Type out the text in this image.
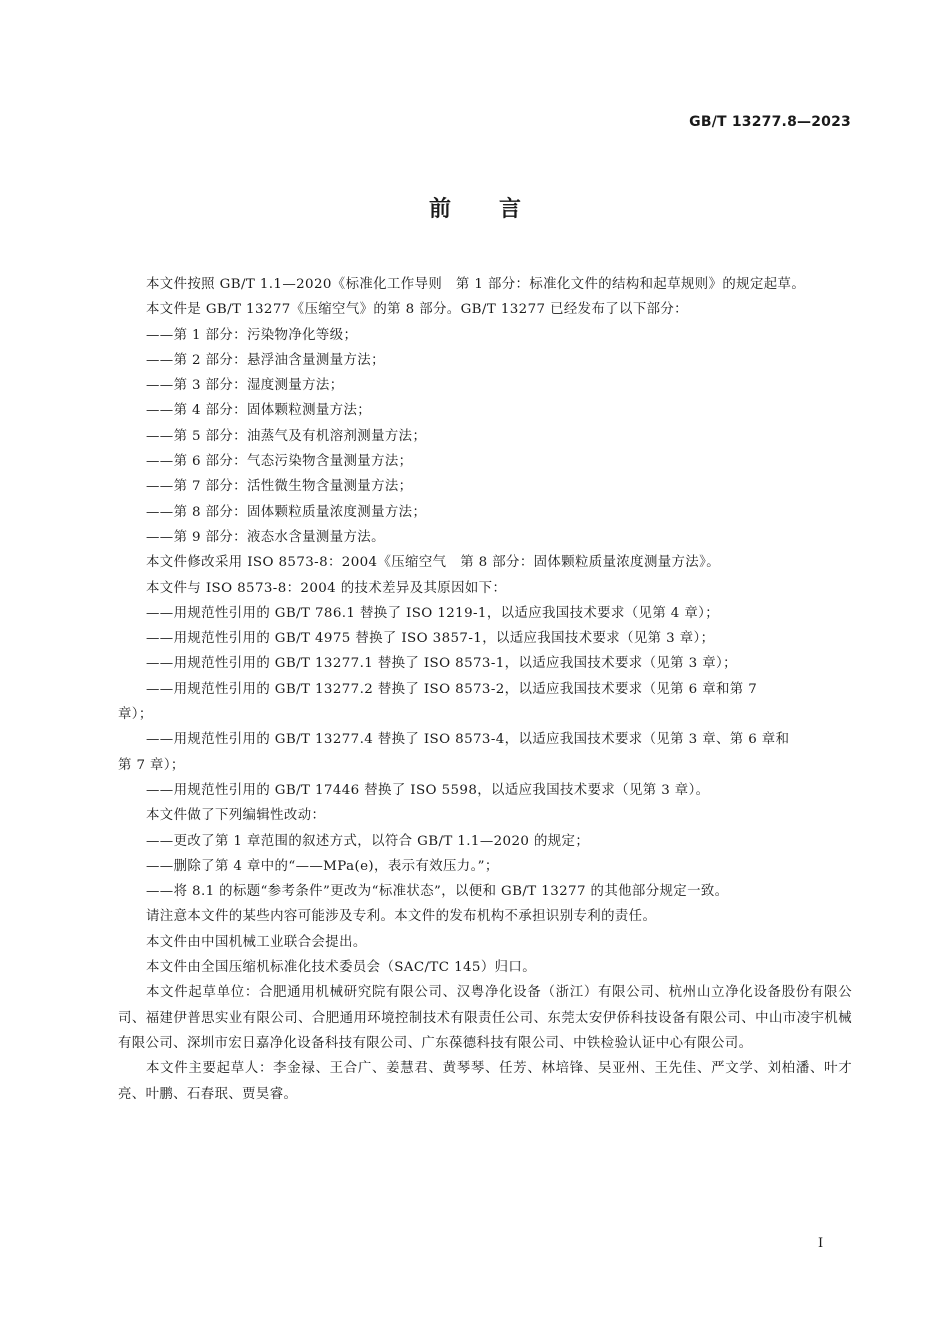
GB/T 13277.8—2023
前言

本文件按照 GB/T 1.1—2020《标准化工作导则　第 1 部分：标准化文件的结构和起草规则》的规定起草。

本文件是 GB/T 13277《压缩空气》的第 8 部分。GB/T 13277 已经发布了以下部分：

——第 1 部分：污染物净化等级；

——第 2 部分：悬浮油含量测量方法；

——第 3 部分：湿度测量方法；

——第 4 部分：固体颗粒测量方法；

——第 5 部分：油蒸气及有机溶剂测量方法；

——第 6 部分：气态污染物含量测量方法；

——第 7 部分：活性微生物含量测量方法；

——第 8 部分：固体颗粒质量浓度测量方法；

——第 9 部分：液态水含量测量方法。

本文件修改采用 ISO 8573-8：2004《压缩空气　第 8 部分：固体颗粒质量浓度测量方法》。

本文件与 ISO 8573-8：2004 的技术差异及其原因如下：

——用规范性引用的 GB/T 786.1 替换了 ISO 1219-1，以适应我国技术要求（见第 4 章）；

——用规范性引用的 GB/T 4975 替换了 ISO 3857-1，以适应我国技术要求（见第 3 章）；

——用规范性引用的 GB/T 13277.1 替换了 ISO 8573-1，以适应我国技术要求（见第 3 章）；

——用规范性引用的 GB/T 13277.2 替换了 ISO 8573-2，以适应我国技术要求（见第 6 章和第 7

章）；

——用规范性引用的 GB/T 13277.4 替换了 ISO 8573-4，以适应我国技术要求（见第 3 章、第 6 章和

第 7 章）；

——用规范性引用的 GB/T 17446 替换了 ISO 5598，以适应我国技术要求（见第 3 章）。

本文件做了下列编辑性改动：

——更改了第 1 章范围的叙述方式，以符合 GB/T 1.1—2020 的规定；

——删除了第 4 章中的“——MPa(e)，表示有效压力。”；

——将 8.1 的标题“参考条件”更改为“标准状态”，以便和 GB/T 13277 的其他部分规定一致。

请注意本文件的某些内容可能涉及专利。本文件的发布机构不承担识别专利的责任。

本文件由中国机械工业联合会提出。

本文件由全国压缩机标准化技术委员会（SAC/TC 145）归口。

本文件起草单位：合肥通用机械研究院有限公司、汉粤净化设备（浙江）有限公司、杭州山立净化设备股份有限公司、福建伊普思实业有限公司、合肥通用环境控制技术有限责任公司、东莞太安伊侨科技设备有限公司、中山市凌宇机械有限公司、深圳市宏日嘉净化设备科技有限公司、广东葆德科技有限公司、中铁检验认证中心有限公司。

本文件主要起草人：李金禄、王合广、姜慧君、黄琴琴、任芳、林培锋、吴亚州、王先佳、严文学、刘柏潘、叶才亮、叶鹏、石春珉、贾昊睿。

I
